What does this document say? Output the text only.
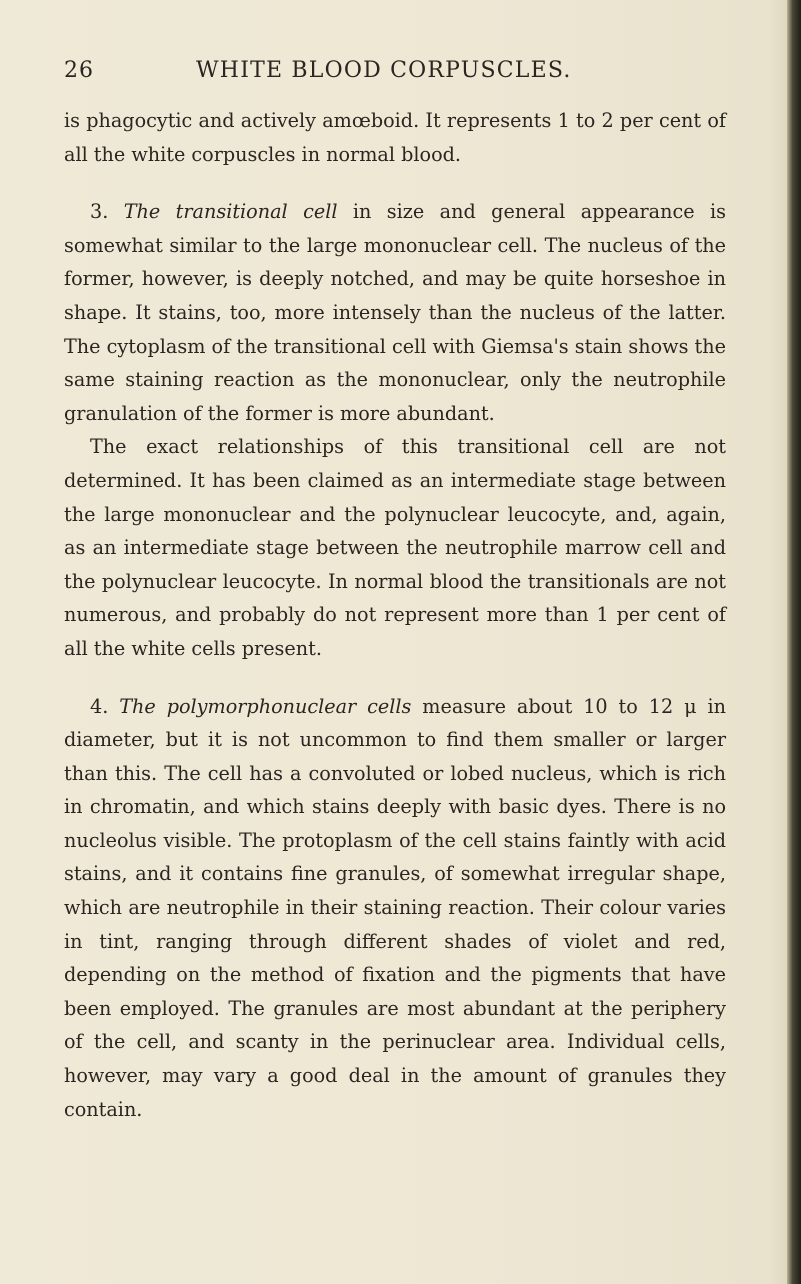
26	WHITE BLOOD CORPUSCLES.

is phagocytic and actively amœboid. It represents 1 to 2 per cent of all the white corpuscles in normal blood.

3. The transitional cell in size and general appearance is somewhat similar to the large mononuclear cell. The nucleus of the former, however, is deeply notched, and may be quite horseshoe in shape. It stains, too, more intensely than the nucleus of the latter. The cytoplasm of the transitional cell with Giemsa's stain shows the same staining reaction as the mononuclear, only the neutrophile granulation of the former is more abundant.

The exact relationships of this transitional cell are not determined. It has been claimed as an intermediate stage between the large mononuclear and the polynuclear leucocyte, and, again, as an intermediate stage between the neutrophile marrow cell and the polynuclear leucocyte. In normal blood the transitionals are not numerous, and probably do not represent more than 1 per cent of all the white cells present.

4. The polymorphonuclear cells measure about 10 to 12 μ in diameter, but it is not uncommon to find them smaller or larger than this. The cell has a convoluted or lobed nucleus, which is rich in chromatin, and which stains deeply with basic dyes. There is no nucleolus visible. The protoplasm of the cell stains faintly with acid stains, and it contains fine granules, of somewhat irregular shape, which are neutrophile in their staining reaction. Their colour varies in tint, ranging through different shades of violet and red, depending on the method of fixation and the pigments that have been employed. The granules are most abundant at the periphery of the cell, and scanty in the perinuclear area. Individual cells, however, may vary a good deal in the amount of granules they contain.
